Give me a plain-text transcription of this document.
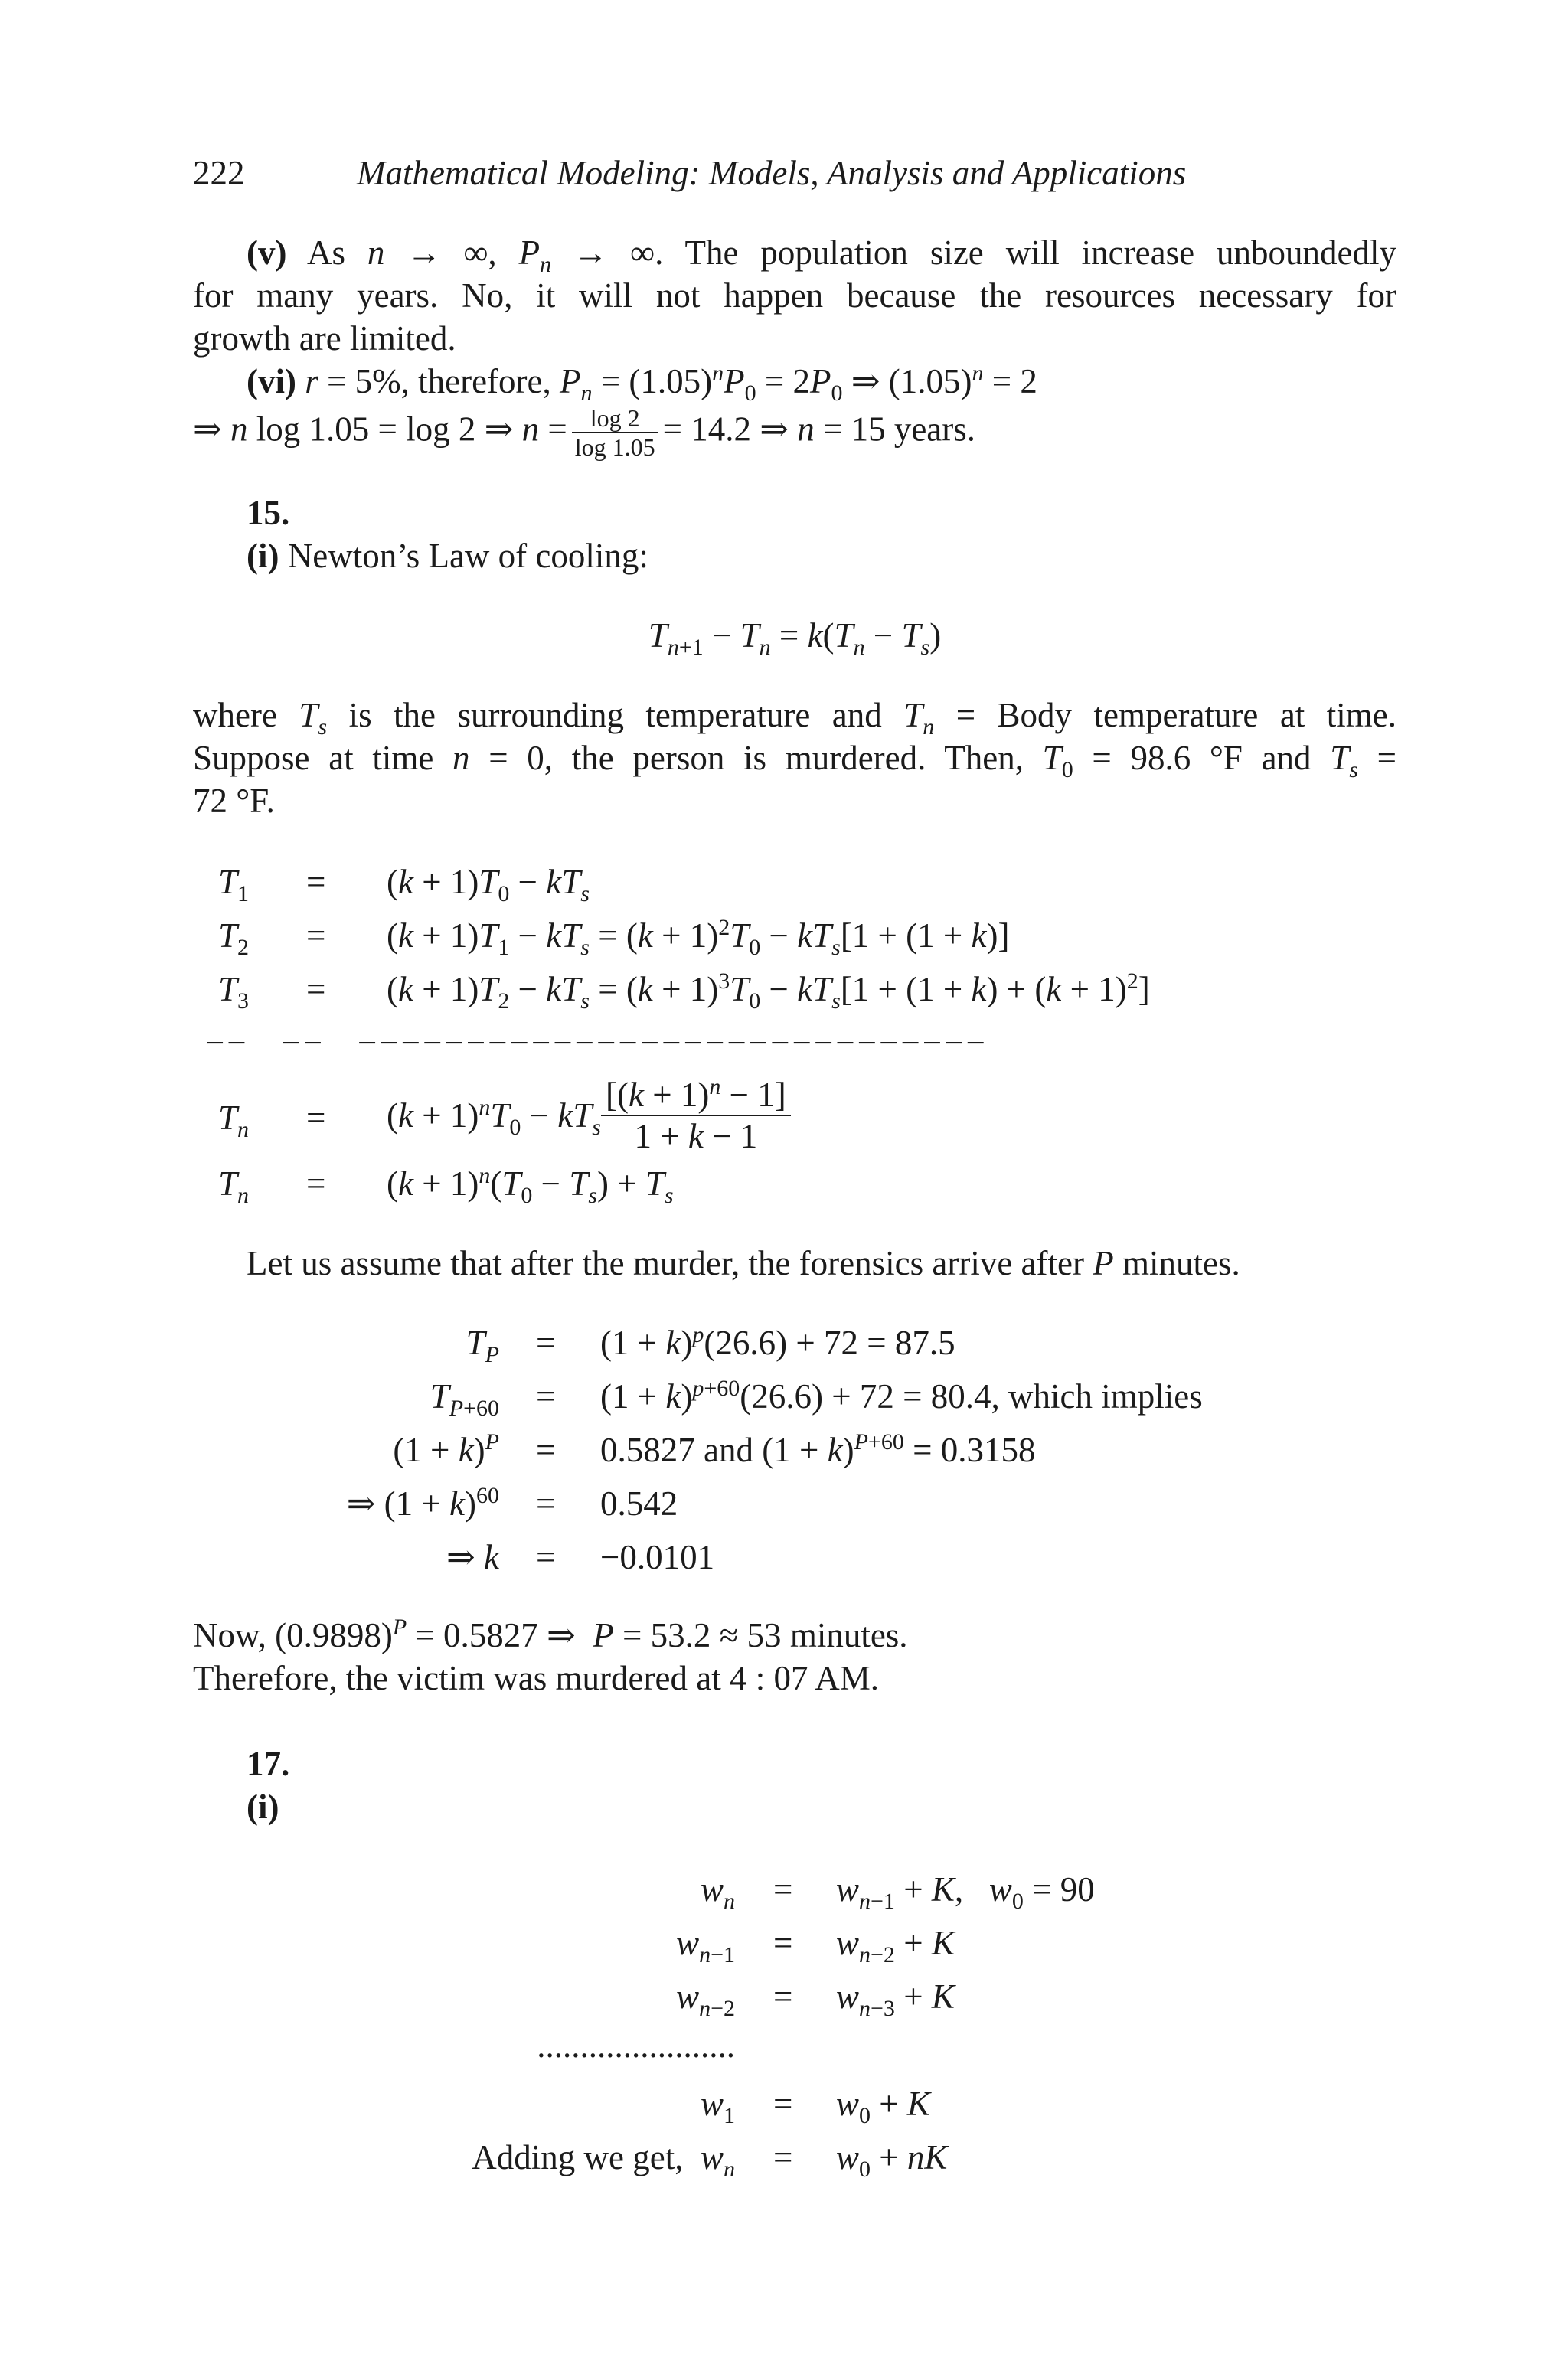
222	Mathematical Modeling: Models, Analysis and Applications
(v) As n → ∞, $P_n$ → ∞. The population size will increase unboundedly
for many years. No, it will not happen because the resources necessary for
growth are limited.
(vi) r = 5%, therefore, $P_n = (1.05)^nP_0 = 2P_0$ ⇒ $(1.05)^n = 2$
⇒ n log 1.05 = log 2 ⇒ $n = \frac{\log 2}{\log 1.05} = 14.2$ ⇒ n = 15 years.
15.
(i) Newton’s Law of cooling:
$T_{n+1} - T_n = k(T_n - T_s)$
where $T_s$ is the surrounding temperature and $T_n$ = Body temperature at time.
Suppose at time n = 0, the person is murdered. Then, $T_0 = 98.6$ °F and $T_s$ =
72 °F.
$T_1 = (k + 1)T_0 - kT_s$
$T_2 = (k + 1)T_1 - kT_s = (k + 1)^2T_0 - kT_s[1 + (1 + k)]$
$T_3 = (k + 1)T_2 - kT_s = (k + 1)^3T_0 - kT_s[1 + (1 + k) + (k + 1)^2]$
−−   −−   −−−−−−−−−−−−−−−−−−−−−−−−−−−−−
$T_n = (k + 1)^nT_0 - kT_s \frac{[(k + 1)^n - 1]}{1 + k - 1}$
$T_n = (k + 1)^n(T_0 - T_s) + T_s$
Let us assume that after the murder, the forensics arrive after P minutes.
$T_P = (1 + k)^p(26.6) + 72 = 87.5$
$T_{P+60} = (1 + k)^{p+60}(26.6) + 72 = 80.4$, which implies
$(1 + k)^P = 0.5827$ and $(1 + k)^{P+60} = 0.3158$
⇒ $(1 + k)^{60} = 0.542$
⇒ k = −0.0101
Now, $(0.9898)^P = 0.5827$ ⇒  P = 53.2 ≈ 53 minutes.
Therefore, the victim was murdered at 4 : 07 AM.
17.
(i)
$w_n = w_{n-1} + K$,   $w_0 = 90$
$w_{n-1} = w_{n-2} + K$
$w_{n-2} = w_{n-3} + K$
.......................
$w_1 = w_0 + K$
Adding we get, $w_n = w_0$ + nK
